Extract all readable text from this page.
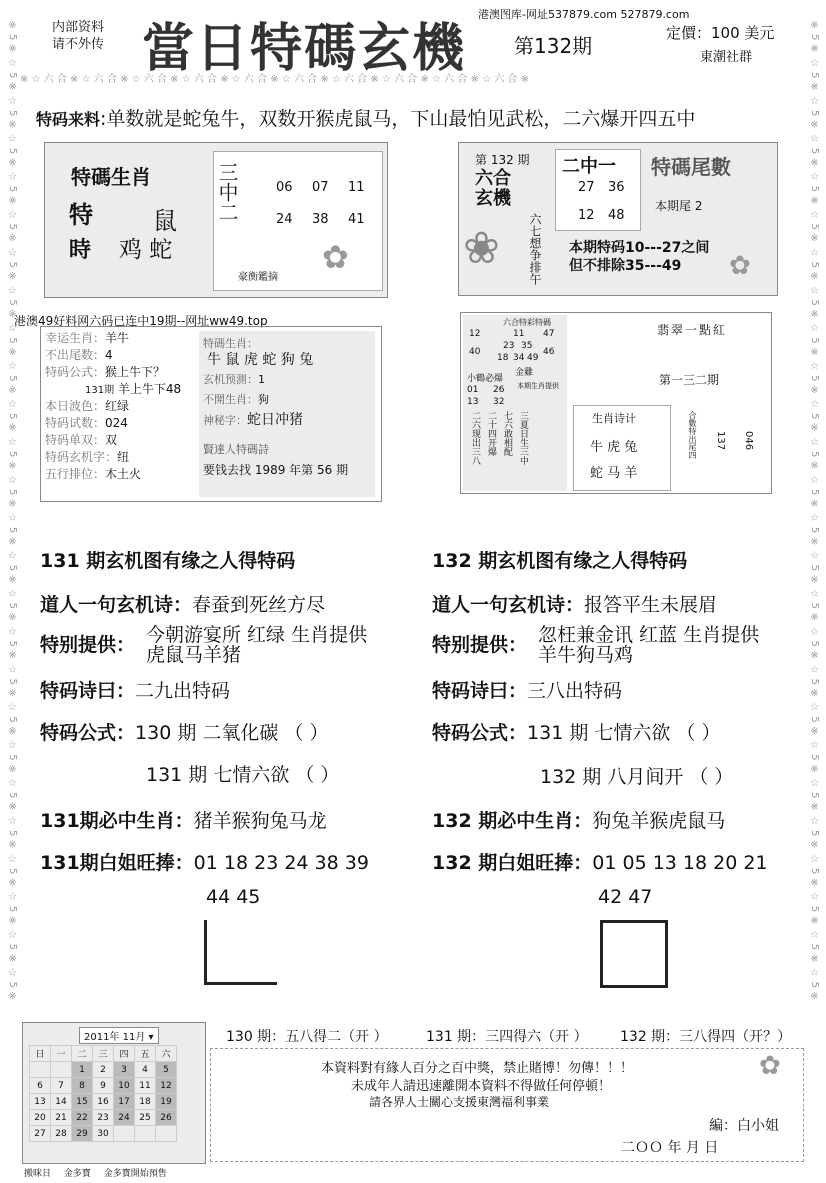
※ ☆ 六 合 ※ ☆ 六 合 ※ ☆ 六 合 ※ ☆ 六 合 ※ ☆ 六 合 ※ ☆ 六 合 ※ ☆ 六 合 ※ ☆ 六 合 ※ ☆ 六 合 ※ ☆ 六 合 ※
※ 5 ※ ☆ 5 ※ ☆ 5 ※ ☆ 5 ※ ☆ 5 ※ ☆ 5 ※ ☆ 5 ※ ☆ 5 ※ ☆ 5 ※ ☆ 5 ※ ☆ 5 ※ ☆ 5 ※ ☆ 5 ※ ☆ 5 ※ ☆ 5 ※ ☆ 5 ※ ☆ 5 ※ ☆ 5 ※ ☆ 5 ※ ☆ 5 ※ ☆ 5 ※ ☆ 5 ※ ☆ 5 ※ ☆ 5 ※ ☆ 5 ※ ☆ 5 ※	※ 5 ※ ☆ 5 ※ ☆ 5 ※ ☆ 5 ※ ☆ 5 ※ ☆ 5 ※ ☆ 5 ※ ☆ 5 ※ ☆ 5 ※ ☆ 5 ※ ☆ 5 ※ ☆ 5 ※ ☆ 5 ※ ☆ 5 ※ ☆ 5 ※ ☆ 5 ※ ☆ 5 ※ ☆ 5 ※ ☆ 5 ※ ☆ 5 ※ ☆ 5 ※ ☆ 5 ※ ☆ 5 ※ ☆ 5 ※ ☆ 5 ※ ☆ 5 ※
内部资料
请不外传 當日特碼玄機 第132期
港澳图库-网址537879.com 527879.com
定價：100 美元
東潮社群
特码来料:单数就是蛇兔牛，双数开猴虎鼠马，下山最怕见武松，二六爆开四五中
特碼生肖
特	鼠
時 鸡 蛇
三中二	06 07 11
24 38 41
豪衡鑑摘
✿
第 132 期
六合玄機
❀ 六七想争排午
二中一
27 36
12 48
特碼尾數
本期尾 2
本期特码10---27之间
但不排除35---49 ✿
港澳49好料网六码已连中19期--网址ww49.top
幸运生肖：羊牛
不出尾数：4
特码公式：猴上牛下？
131期 羊上牛下48
本日波色：红绿
特码试数：024
特码单双：双
特码玄机字：纽
五行排位：木土火
特碼生肖：
牛 鼠 虎 蛇 狗 兔
玄机预測：1
不開生肖：狗
神秘字：蛇日冲猪
賢達人特碼詩
要钱去找 1989 年第 56 期
六合特彩特碼
12
40
47
46
11
23 35
18 34 49
金雞
小鶴必爆
本期生肖提供
01 26
13 32
二六现出三八 二十四开爆 七六敢相配 三夏日生三中
翡翠一點紅
第一三二期
生肖诗计
牛 虎 兔
蛇 马 羊
合數特出尾四 137 046
131 期玄机图有缘之人得特码
道人一句玄机诗：春蚕到死丝方尽
特别提供： 今朝游宴所 红绿 生肖提供
虎鼠马羊猪
特码诗曰：二九出特码
特码公式：130 期 二氧化碳 （ ）
131 期 七情六欲 （ ）
131期必中生肖：猪羊猴狗兔马龙
131期白姐旺捧：01 18 23 24 38 39
44 45
132 期玄机图有缘之人得特码
道人一句玄机诗：报答平生未展眉
特别提供： 忽枉兼金讯 红蓝 生肖提供
羊牛狗马鸡
特码诗曰：三八出特码
特码公式：131 期 七情六欲 （ ）
132 期 八月间开 （ ）
132 期必中生肖：狗兔羊猴虎鼠马
132 期白姐旺捧：01 05 13 18 20 21
42 47
2011年 11月 ▾
日	一	二	三	四	五	六
		1	2	3	4	5
6	7	8	9	10	11	12
13	14	15	16	17	18	19
20	21	22	23	24	25	26
27	28	29	30			
搬咪日 金多寶 金多寶開始預售
130 期：五八得二（开 ）	131 期：三四得六（开 ） 132 期：三八得四（开？）
本資料對有緣人百分之百中獎，禁止賭博！勿傳！！！
未成年人請迅速離開本資料不得做任何停頓！
請各界人士關心支援東灣福利事業
編：白小姐
二ＯＯ 年 月 日
✿
